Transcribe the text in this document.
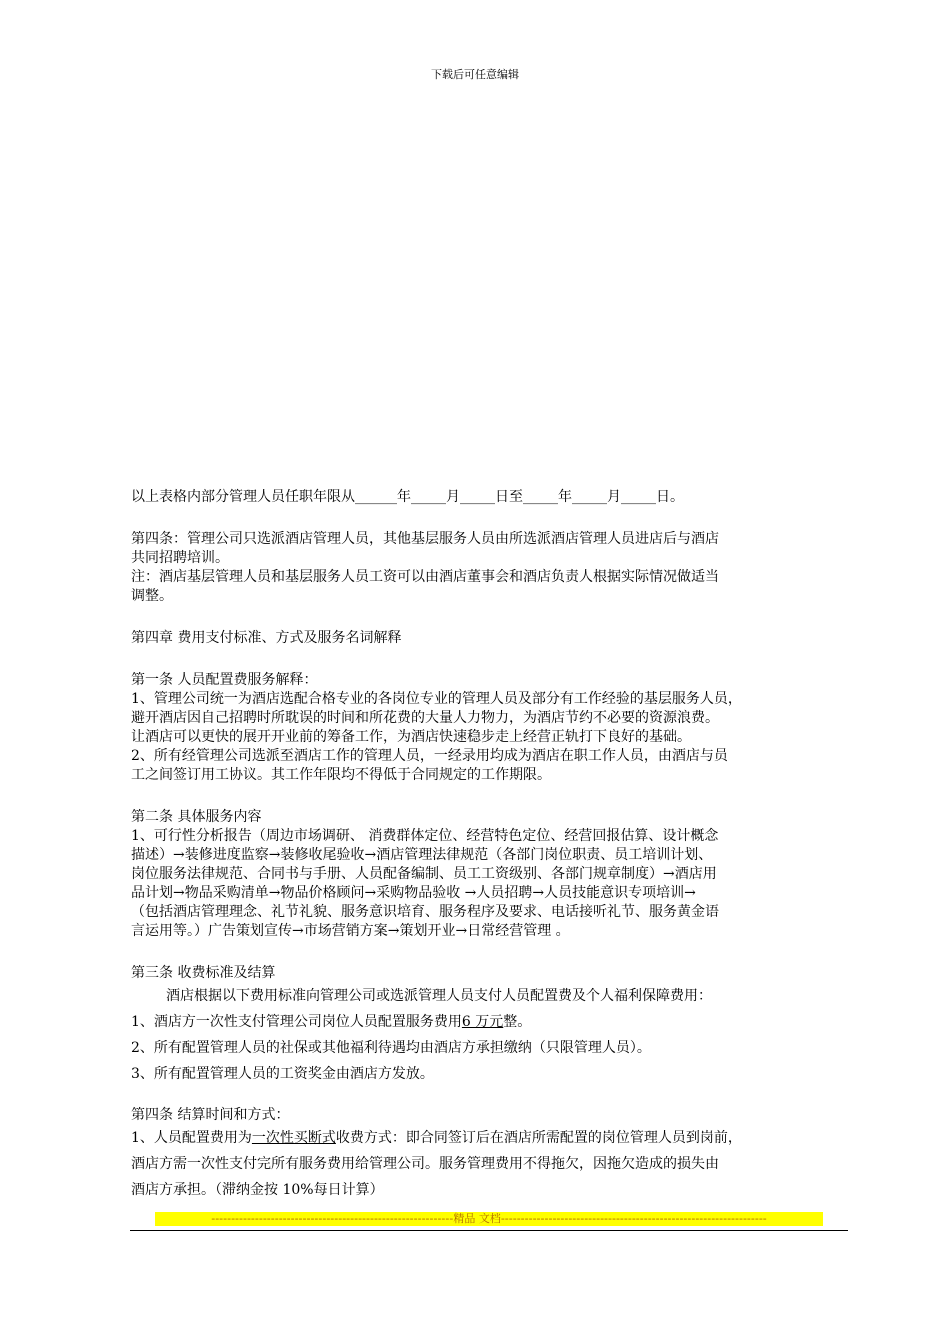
下载后可任意编辑
以上表格内部分管理人员任职年限从______年_____月_____日至_____年_____月_____日。
第四条：管理公司只选派酒店管理人员，其他基层服务人员由所选派酒店管理人员进店后与酒店
共同招聘培训。
注：酒店基层管理人员和基层服务人员工资可以由酒店董事会和酒店负责人根据实际情况做适当
调整。
第四章 费用支付标准、方式及服务名词解释
第一条 人员配置费服务解释：
1、管理公司统一为酒店选配合格专业的各岗位专业的管理人员及部分有工作经验的基层服务人员，
避开酒店因自己招聘时所耽误的时间和所花费的大量人力物力，为酒店节约不必要的资源浪费。
让酒店可以更快的展开开业前的筹备工作，为酒店快速稳步走上经营正轨打下良好的基础。
2、所有经管理公司选派至酒店工作的管理人员，一经录用均成为酒店在职工作人员，由酒店与员
工之间签订用工协议。其工作年限均不得低于合同规定的工作期限。
第二条 具体服务内容
1、可行性分析报告（周边市场调研、 消费群体定位、经营特色定位、经营回报估算、设计概念
描述）→装修进度监察→装修收尾验收→酒店管理法律规范（各部门岗位职责、员工培训计划、
岗位服务法律规范、合同书与手册、人员配备编制、员工工资级别、各部门规章制度）→酒店用
品计划→物品采购清单→物品价格顾问→采购物品验收 →人员招聘→人员技能意识专项培训→
（包括酒店管理理念、礼节礼貌、服务意识培育、服务程序及要求、电话接听礼节、服务黄金语
言运用等。）广告策划宣传→市场营销方案→策划开业→日常经营管理 。
第三条 收费标准及结算
酒店根据以下费用标准向管理公司或选派管理人员支付人员配置费及个人福利保障费用：
1、酒店方一次性支付管理公司岗位人员配置服务费用6 万元整。
2、所有配置管理人员的社保或其他福利待遇均由酒店方承担缴纳（只限管理人员）。
3、所有配置管理人员的工资奖金由酒店方发放。
第四条 结算时间和方式：
1、人员配置费用为一次性买断式收费方式：即合同签订后在酒店所需配置的岗位管理人员到岗前，
酒店方需一次性支付完所有服务费用给管理公司。服务管理费用不得拖欠，因拖欠造成的损失由
酒店方承担。（滞纳金按 10%每日计算）
-------------------------------------------------------------精品 文档-------------------------------------------------------------------
